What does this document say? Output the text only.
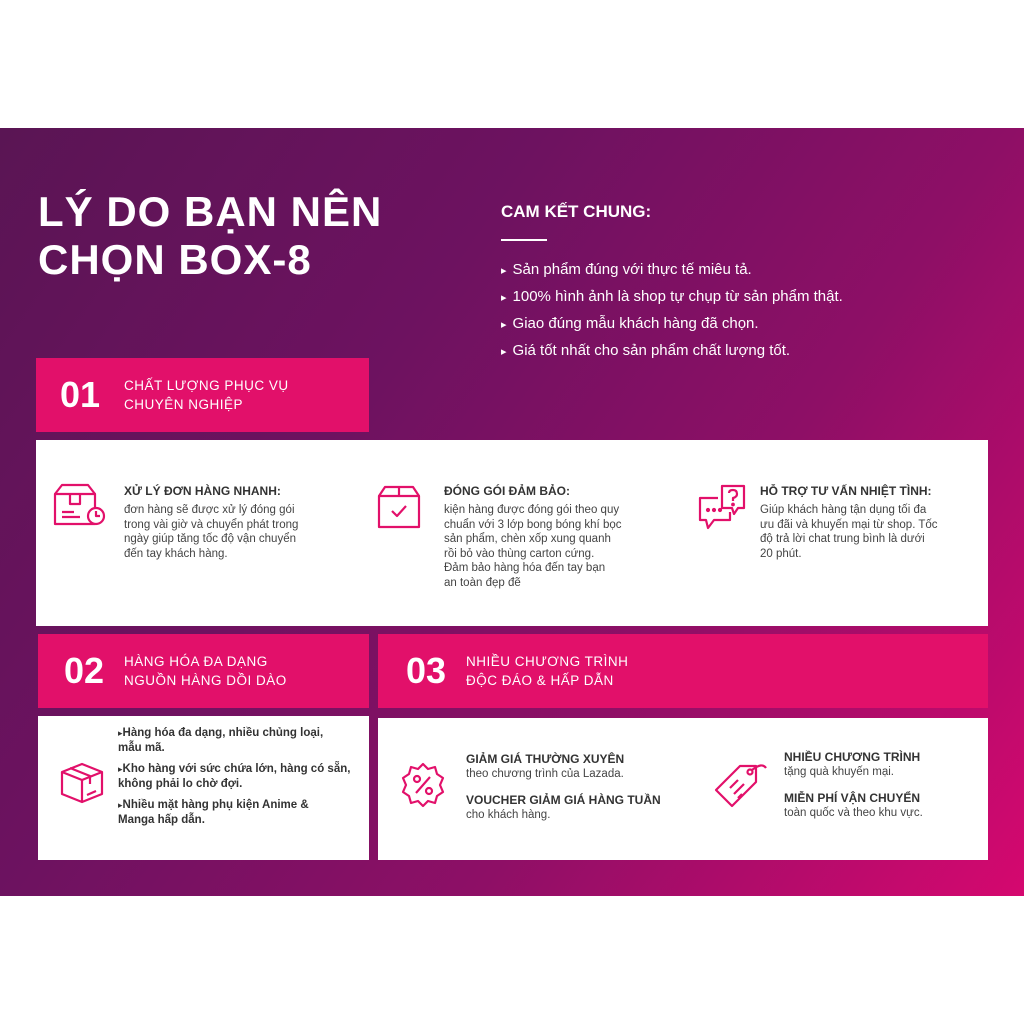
LÝ DO BẠN NÊN
CHỌN BOX-8
CAM KẾT CHUNG:
▸ Sản phẩm đúng với thực tế miêu tả.
▸ 100% hình ảnh là shop tự chụp từ sản phẩm thật.
▸ Giao đúng mẫu khách hàng đã chọn.
▸ Giá tốt nhất cho sản phẩm chất lượng tốt.
01	CHẤT LƯỢNG PHỤC VỤ
CHUYÊN NGHIỆP
XỬ LÝ ĐƠN HÀNG NHANH:

đơn hàng sẽ được xử lý đóng gói
trong vài giờ và chuyển phát trong
ngày giúp tăng tốc độ vận chuyển
đến tay khách hàng.

ĐÓNG GÓI ĐẢM BẢO:

kiện hàng được đóng gói theo quy
chuẩn với 3 lớp bong bóng khí bọc
sản phẩm, chèn xốp xung quanh
rồi bỏ vào thùng carton cứng.
Đảm bảo hàng hóa đến tay bạn
an toàn đẹp đẽ

HỖ TRỢ TƯ VẤN NHIỆT TÌNH:

Giúp khách hàng tận dụng tối đa
ưu đãi và khuyến mại từ shop. Tốc
độ trả lời chat trung bình là dưới
20 phút.

02	HÀNG HÓA ĐA DẠNG
NGUỒN HÀNG DỒI DÀO
▸ Hàng hóa đa dạng, nhiều chủng loại,
mẫu mã.
▸ Kho hàng với sức chứa lớn, hàng có sẵn,
không phải lo chờ đợi.
▸ Nhiều mặt hàng phụ kiện Anime &
Manga hấp dẫn.
03	NHIỀU CHƯƠNG TRÌNH
ĐỘC ĐÁO & HẤP DẪN
GIẢM GIÁ THƯỜNG XUYÊN

theo chương trình của Lazada.

VOUCHER GIẢM GIÁ HÀNG TUẦN

cho khách hàng.

NHIỀU CHƯƠNG TRÌNH

tặng quà khuyến mại.

MIỄN PHÍ VẬN CHUYỂN

toàn quốc và theo khu vực.
